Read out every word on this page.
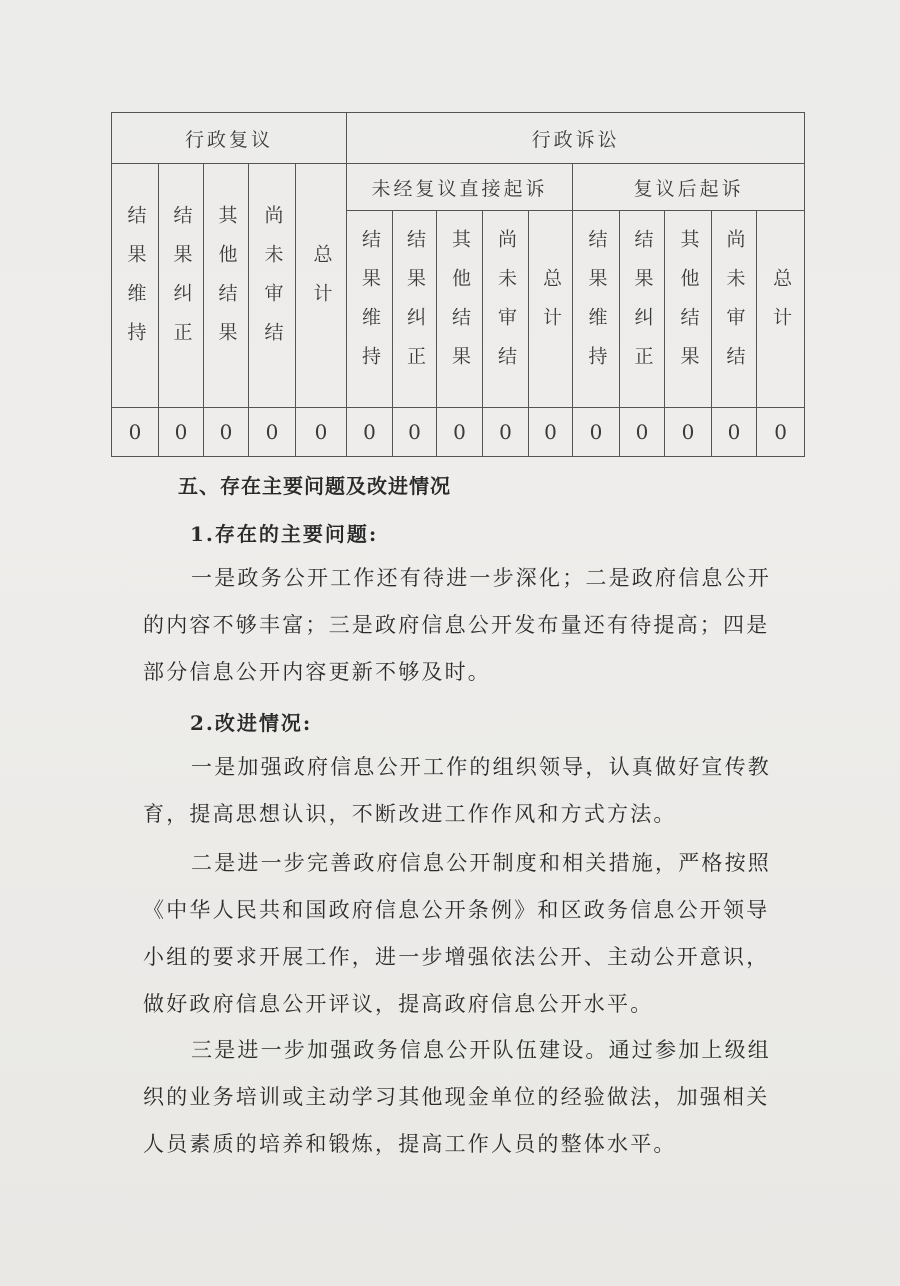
行政复议					行政诉讼									
结果维持	结果纠正	其他结果	尚未审结	总计	未经复议直接起诉					复议后起诉				
					结果维持	结果纠正	其他结果	尚未审结	总计	结果维持	结果纠正	其他结果	尚未审结	总计
0	0	0	0	0	0	0	0	0	0	0	0	0	0	0
五、存在主要问题及改进情况
1.存在的主要问题:

一是政务公开工作还有待进一步深化；二是政府信息公开的内容不够丰富；三是政府信息公开发布量还有待提高；四是部分信息公开内容更新不够及时。

2.改进情况:

一是加强政府信息公开工作的组织领导，认真做好宣传教育，提高思想认识，不断改进工作作风和方式方法。

二是进一步完善政府信息公开制度和相关措施，严格按照《中华人民共和国政府信息公开条例》和区政务信息公开领导小组的要求开展工作，进一步增强依法公开、主动公开意识，做好政府信息公开评议，提高政府信息公开水平。

三是进一步加强政务信息公开队伍建设。通过参加上级组织的业务培训或主动学习其他现金单位的经验做法，加强相关人员素质的培养和锻炼，提高工作人员的整体水平。
